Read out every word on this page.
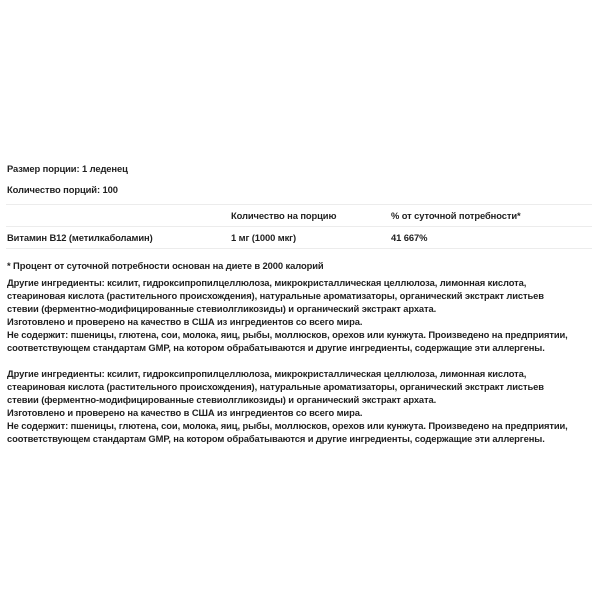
Размер порции: 1 леденец
Количество порций: 100
	Количество на порцию	% от суточной потребности*
Витамин B12 (метилкаболамин)	1 мг (1000 мкг)	41 667%
* Процент от суточной потребности основан на диете в 2000 калорий
Другие ингредиенты: ксилит, гидроксипропилцеллюлоза, микрокристаллическая целлюлоза, лимонная кислота,
стеариновая кислота (растительного происхождения), натуральные ароматизаторы, органический экстракт листьев
стевии (ферментно-модифицированные стевиолгликозиды) и органический экстракт архата.
Изготовлено и проверено на качество в США из ингредиентов со всего мира.
Не содержит: пшеницы, глютена, сои, молока, яиц, рыбы, моллюсков, орехов или кунжута. Произведено на предприятии,
соответствующем стандартам GMP, на котором обрабатываются и другие ингредиенты, содержащие эти аллергены.
Другие ингредиенты: ксилит, гидроксипропилцеллюлоза, микрокристаллическая целлюлоза, лимонная кислота,
стеариновая кислота (растительного происхождения), натуральные ароматизаторы, органический экстракт листьев
стевии (ферментно-модифицированные стевиолгликозиды) и органический экстракт архата.
Изготовлено и проверено на качество в США из ингредиентов со всего мира.
Не содержит: пшеницы, глютена, сои, молока, яиц, рыбы, моллюсков, орехов или кунжута. Произведено на предприятии,
соответствующем стандартам GMP, на котором обрабатываются и другие ингредиенты, содержащие эти аллергены.
